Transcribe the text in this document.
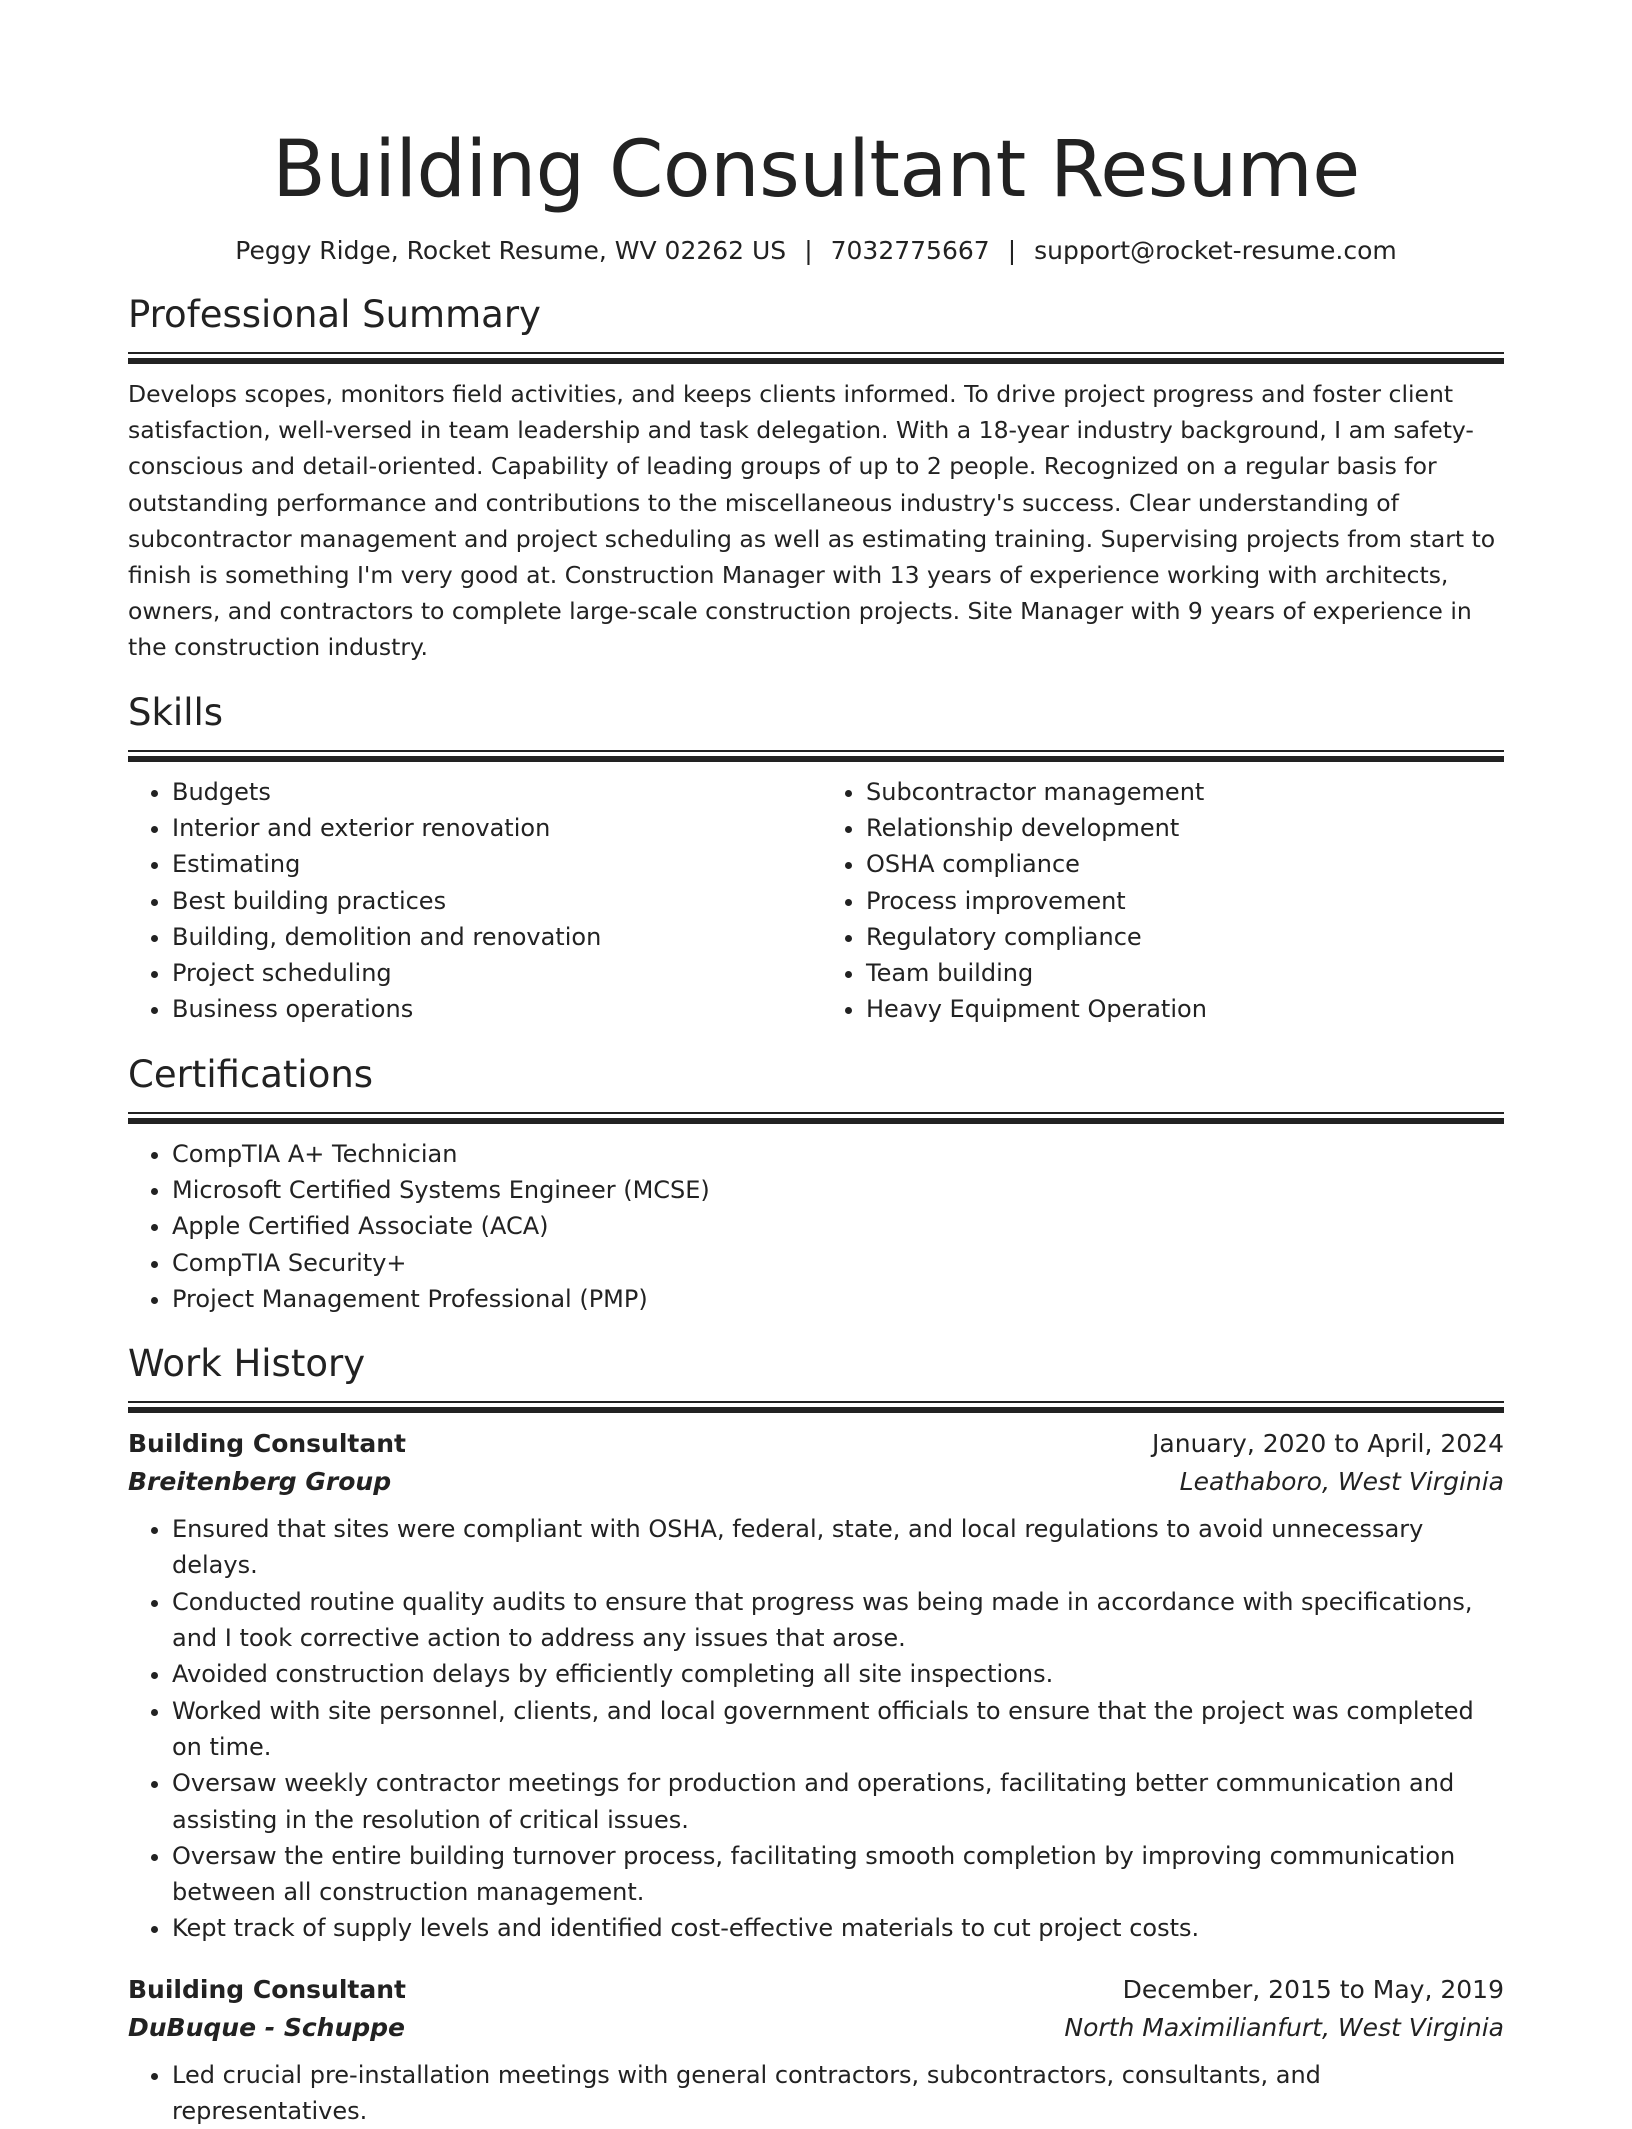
Building Consultant Resume
Peggy Ridge, Rocket Resume, WV 02262 US | 7032775667 | support@rocket-resume.com
Professional Summary

Develops scopes, monitors field activities, and keeps clients informed. To drive project progress and foster client satisfaction, well-versed in team leadership and task delegation. With a 18-year industry background, I am safety-conscious and detail-oriented. Capability of leading groups of up to 2 people. Recognized on a regular basis for outstanding performance and contributions to the miscellaneous industry's success. Clear understanding of subcontractor management and project scheduling as well as estimating training. Supervising projects from start to finish is something I'm very good at. Construction Manager with 13 years of experience working with architects, owners, and contractors to complete large-scale construction projects. Site Manager with 9 years of experience in the construction industry.

Skills
• Budgets
• Interior and exterior renovation
• Estimating
• Best building practices
• Building, demolition and renovation
• Project scheduling
• Business operations
• Subcontractor management
• Relationship development
• OSHA compliance
• Process improvement
• Regulatory compliance
• Team building
• Heavy Equipment Operation
Certifications
• CompTIA A+ Technician
• Microsoft Certified Systems Engineer (MCSE)
• Apple Certified Associate (ACA)
• CompTIA Security+
• Project Management Professional (PMP)
Work History
Building Consultant	January, 2020 to April, 2024
Breitenberg Group	Leathaboro, West Virginia
• Ensured that sites were compliant with OSHA, federal, state, and local regulations to avoid unnecessary delays.
• Conducted routine quality audits to ensure that progress was being made in accordance with specifications, and I took corrective action to address any issues that arose.
• Avoided construction delays by efficiently completing all site inspections.
• Worked with site personnel, clients, and local government officials to ensure that the project was completed on time.
• Oversaw weekly contractor meetings for production and operations, facilitating better communication and assisting in the resolution of critical issues.
• Oversaw the entire building turnover process, facilitating smooth completion by improving communication between all construction management.
• Kept track of supply levels and identified cost-effective materials to cut project costs.
Building Consultant	December, 2015 to May, 2019
DuBuque - Schuppe	North Maximilianfurt, West Virginia
• Led crucial pre-installation meetings with general contractors, subcontractors, consultants, and representatives.
